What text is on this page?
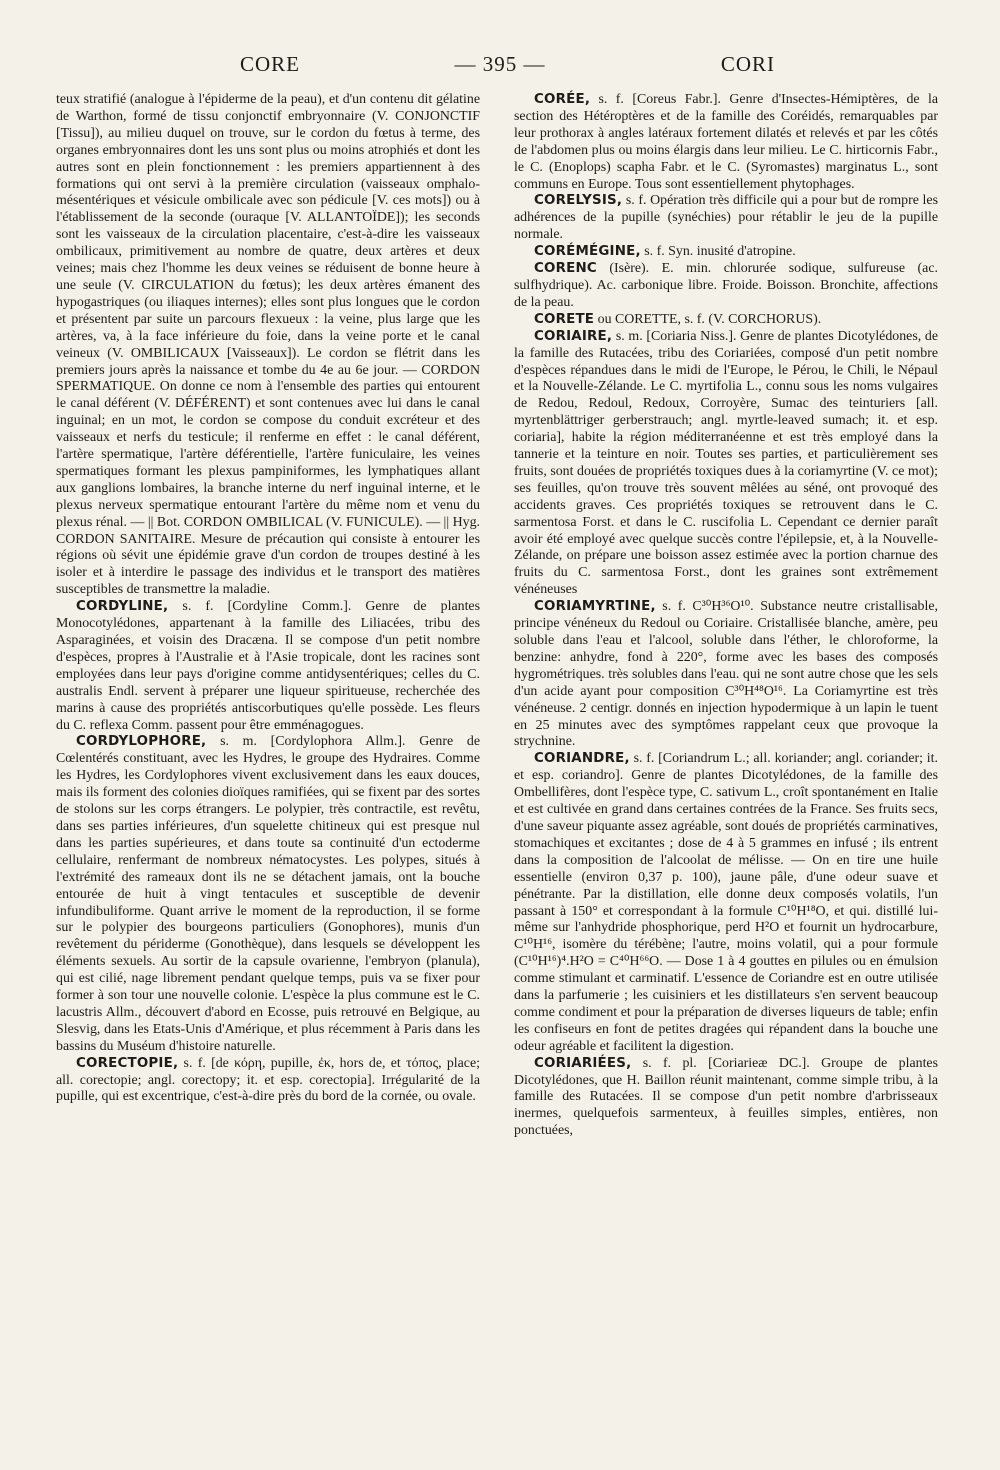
CORE	— 395 —	CORI

teux stratifié (analogue à l'épiderme de la peau), et d'un contenu dit gélatine de Warthon, formé de tissu conjonctif embryonnaire (V. CONJONCTIF [Tissu]), au milieu duquel on trouve, sur le cordon du fœtus à terme, des organes embryonnaires dont les uns sont plus ou moins atrophiés et dont les autres sont en plein fonctionnement : les premiers appartiennent à des formations qui ont servi à la première circulation (vaisseaux omphalo-mésentériques et vésicule ombilicale avec son pédicule [V. ces mots]) ou à l'établissement de la seconde (ouraque [V. ALLANTOÏDE]); les seconds sont les vaisseaux de la circulation placentaire, c'est-à-dire les vaisseaux ombilicaux, primitivement au nombre de quatre, deux artères et deux veines; mais chez l'homme les deux veines se réduisent de bonne heure à une seule (V. CIRCULATION du fœtus); les deux artères émanent des hypogastriques (ou iliaques internes); elles sont plus longues que le cordon et présentent par suite un parcours flexueux : la veine, plus large que les artères, va, à la face inférieure du foie, dans la veine porte et le canal veineux (V. OMBILICAUX [Vaisseaux]). Le cordon se flétrit dans les premiers jours après la naissance et tombe du 4e au 6e jour. — CORDON SPERMATIQUE. On donne ce nom à l'ensemble des parties qui entourent le canal déférent (V. DÉFÉRENT) et sont contenues avec lui dans le canal inguinal; en un mot, le cordon se compose du conduit excréteur et des vaisseaux et nerfs du testicule; il renferme en effet : le canal déférent, l'artère spermatique, l'artère déférentielle, l'artère funiculaire, les veines spermatiques formant les plexus pampiniformes, les lymphatiques allant aux ganglions lombaires, la branche interne du nerf inguinal interne, et le plexus nerveux spermatique entourant l'artère du même nom et venu du plexus rénal. — || Bot. CORDON OMBILICAL (V. FUNICULE). — || Hyg. CORDON SANITAIRE. Mesure de précaution qui consiste à entourer les régions où sévit une épidémie grave d'un cordon de troupes destiné à les isoler et à interdire le passage des individus et le transport des matières susceptibles de transmettre la maladie.

CORDYLINE, s. f. [Cordyline Comm.]. Genre de plantes Monocotylédones, appartenant à la famille des Liliacées, tribu des Asparaginées, et voisin des Dracæna. Il se compose d'un petit nombre d'espèces, propres à l'Australie et à l'Asie tropicale, dont les racines sont employées dans leur pays d'origine comme antidysentériques; celles du C. australis Endl. servent à préparer une liqueur spiritueuse, recherchée des marins à cause des propriétés antiscorbutiques qu'elle possède. Les fleurs du C. reflexa Comm. passent pour être emménagogues.

CORDYLOPHORE, s. m. [Cordylophora Allm.]. Genre de Cœlentérés constituant, avec les Hydres, le groupe des Hydraires. Comme les Hydres, les Cordylophores vivent exclusivement dans les eaux douces, mais ils forment des colonies dioïques ramifiées, qui se fixent par des sortes de stolons sur les corps étrangers. Le polypier, très contractile, est revêtu, dans ses parties inférieures, d'un squelette chitineux qui est presque nul dans les parties supérieures, et dans toute sa continuité d'un ectoderme cellulaire, renfermant de nombreux nématocystes. Les polypes, situés à l'extrémité des rameaux dont ils ne se détachent jamais, ont la bouche entourée de huit à vingt tentacules et susceptible de devenir infundibuliforme. Quant arrive le moment de la reproduction, il se forme sur le polypier des bourgeons particuliers (Gonophores), munis d'un revêtement du périderme (Gonothèque), dans lesquels se développent les éléments sexuels. Au sortir de la capsule ovarienne, l'embryon (planula), qui est cilié, nage librement pendant quelque temps, puis va se fixer pour former à son tour une nouvelle colonie. L'espèce la plus commune est le C. lacustris Allm., découvert d'abord en Ecosse, puis retrouvé en Belgique, au Slesvig, dans les Etats-Unis d'Amérique, et plus récemment à Paris dans les bassins du Muséum d'histoire naturelle.

CORECTOPIE, s. f. [de κόρη, pupille, ἐκ, hors de, et τόπος, place; all. corectopie; angl. corectopy; it. et esp. corectopia]. Irrégularité de la pupille, qui est excentrique, c'est-à-dire près du bord de la cornée, ou ovale.

CORÉE, s. f. [Coreus Fabr.]. Genre d'Insectes-Hémiptères, de la section des Hétéroptères et de la famille des Coréidés, remarquables par leur prothorax à angles latéraux fortement dilatés et relevés et par les côtés de l'abdomen plus ou moins élargis dans leur milieu. Le C. hirticornis Fabr., le C. (Enoplops) scapha Fabr. et le C. (Syromastes) marginatus L., sont communs en Europe. Tous sont essentiellement phytophages.

CORELYSIS, s. f. Opération très difficile qui a pour but de rompre les adhérences de la pupille (synéchies) pour rétablir le jeu de la pupille normale.

CORÉMÉGINE, s. f. Syn. inusité d'atropine.

CORENC (Isère). E. min. chlorurée sodique, sulfureuse (ac. sulfhydrique). Ac. carbonique libre. Froide. Boisson. Bronchite, affections de la peau.

CORETE ou CORETTE, s. f. (V. CORCHORUS).

CORIAIRE, s. m. [Coriaria Niss.]. Genre de plantes Dicotylédones, de la famille des Rutacées, tribu des Coriariées, composé d'un petit nombre d'espèces répandues dans le midi de l'Europe, le Pérou, le Chili, le Népaul et la Nouvelle-Zélande. Le C. myrtifolia L., connu sous les noms vulgaires de Redou, Redoul, Redoux, Corroyère, Sumac des teinturiers [all. myrtenblättriger gerberstrauch; angl. myrtle-leaved sumach; it. et esp. coriaria], habite la région méditerranéenne et est très employé dans la tannerie et la teinture en noir. Toutes ses parties, et particulièrement ses fruits, sont douées de propriétés toxiques dues à la coriamyrtine (V. ce mot); ses feuilles, qu'on trouve très souvent mêlées au séné, ont provoqué des accidents graves. Ces propriétés toxiques se retrouvent dans le C. sarmentosa Forst. et dans le C. ruscifolia L. Cependant ce dernier paraît avoir été employé avec quelque succès contre l'épilepsie, et, à la Nouvelle-Zélande, on prépare une boisson assez estimée avec la portion charnue des fruits du C. sarmentosa Forst., dont les graines sont extrêmement vénéneuses

CORIAMYRTINE, s. f. C³⁰H³⁶O¹⁰. Substance neutre cristallisable, principe vénéneux du Redoul ou Coriaire. Cristallisée blanche, amère, peu soluble dans l'eau et l'alcool, soluble dans l'éther, le chloroforme, la benzine: anhydre, fond à 220°, forme avec les bases des composés hygrométriques. très solubles dans l'eau. qui ne sont autre chose que les sels d'un acide ayant pour composition C³⁰H⁴⁸O¹⁶. La Coriamyrtine est très vénéneuse. 2 centigr. donnés en injection hypodermique à un lapin le tuent en 25 minutes avec des symptômes rappelant ceux que provoque la strychnine.

CORIANDRE, s. f. [Coriandrum L.; all. koriander; angl. coriander; it. et esp. coriandro]. Genre de plantes Dicotylédones, de la famille des Ombellifères, dont l'espèce type, C. sativum L., croît spontanément en Italie et est cultivée en grand dans certaines contrées de la France. Ses fruits secs, d'une saveur piquante assez agréable, sont doués de propriétés carminatives, stomachiques et excitantes ; dose de 4 à 5 grammes en infusé ; ils entrent dans la composition de l'alcoolat de mélisse. — On en tire une huile essentielle (environ 0,37 p. 100), jaune pâle, d'une odeur suave et pénétrante. Par la distillation, elle donne deux composés volatils, l'un passant à 150° et correspondant à la formule C¹⁰H¹⁸O, et qui. distillé lui-même sur l'anhydride phosphorique, perd H²O et fournit un hydrocarbure, C¹⁰H¹⁶, isomère du térébène; l'autre, moins volatil, qui a pour formule (C¹⁰H¹⁶)⁴.H²O = C⁴⁰H⁶⁶O. — Dose 1 à 4 gouttes en pilules ou en émulsion comme stimulant et carminatif. L'essence de Coriandre est en outre utilisée dans la parfumerie ; les cuisiniers et les distillateurs s'en servent beaucoup comme condiment et pour la préparation de diverses liqueurs de table; enfin les confiseurs en font de petites dragées qui répandent dans la bouche une odeur agréable et facilitent la digestion.

CORIARIÉES, s. f. pl. [Coriarieæ DC.]. Groupe de plantes Dicotylédones, que H. Baillon réunit maintenant, comme simple tribu, à la famille des Rutacées. Il se compose d'un petit nombre d'arbrisseaux inermes, quelquefois sarmenteux, à feuilles simples, entières, non ponctuées,
